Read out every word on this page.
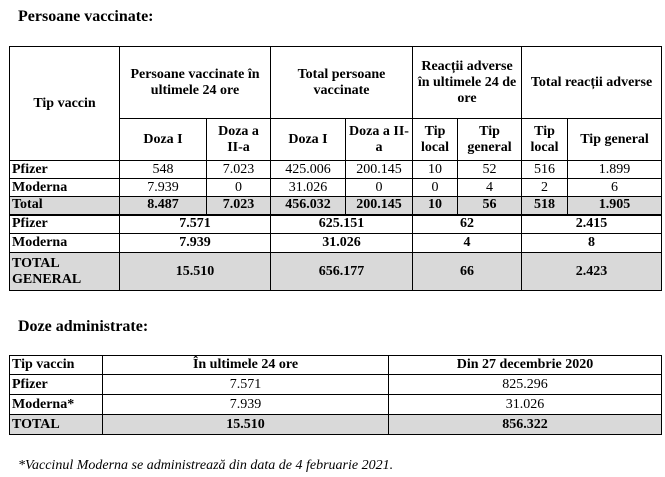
Persoane vaccinate:
Tip vaccin	Persoane vaccinate în ultimele 24 ore		Total persoane vaccinate		Reacții adverse în ultimele 24 de ore		Total reacții adverse	
	Doza I	Doza a II-a	Doza I	Doza a II-a	Tip local	Tip general	Tip local	Tip general
Pfizer	548	7.023	425.006	200.145	10	52	516	1.899
Moderna	7.939	0	31.026	0	0	4	2	6
Total	8.487	7.023	456.032	200.145	10	56	518	1.905
Pfizer	7.571		625.151		62		2.415	
Moderna	7.939		31.026		4		8	
TOTAL GENERAL	15.510		656.177		66		2.423	
Doze administrate:
Tip vaccin	În ultimele 24 ore	Din 27 decembrie 2020
Pfizer	7.571	825.296
Moderna*	7.939	31.026
TOTAL	15.510	856.322
*Vaccinul Moderna se administrează din data de 4 februarie 2021.
